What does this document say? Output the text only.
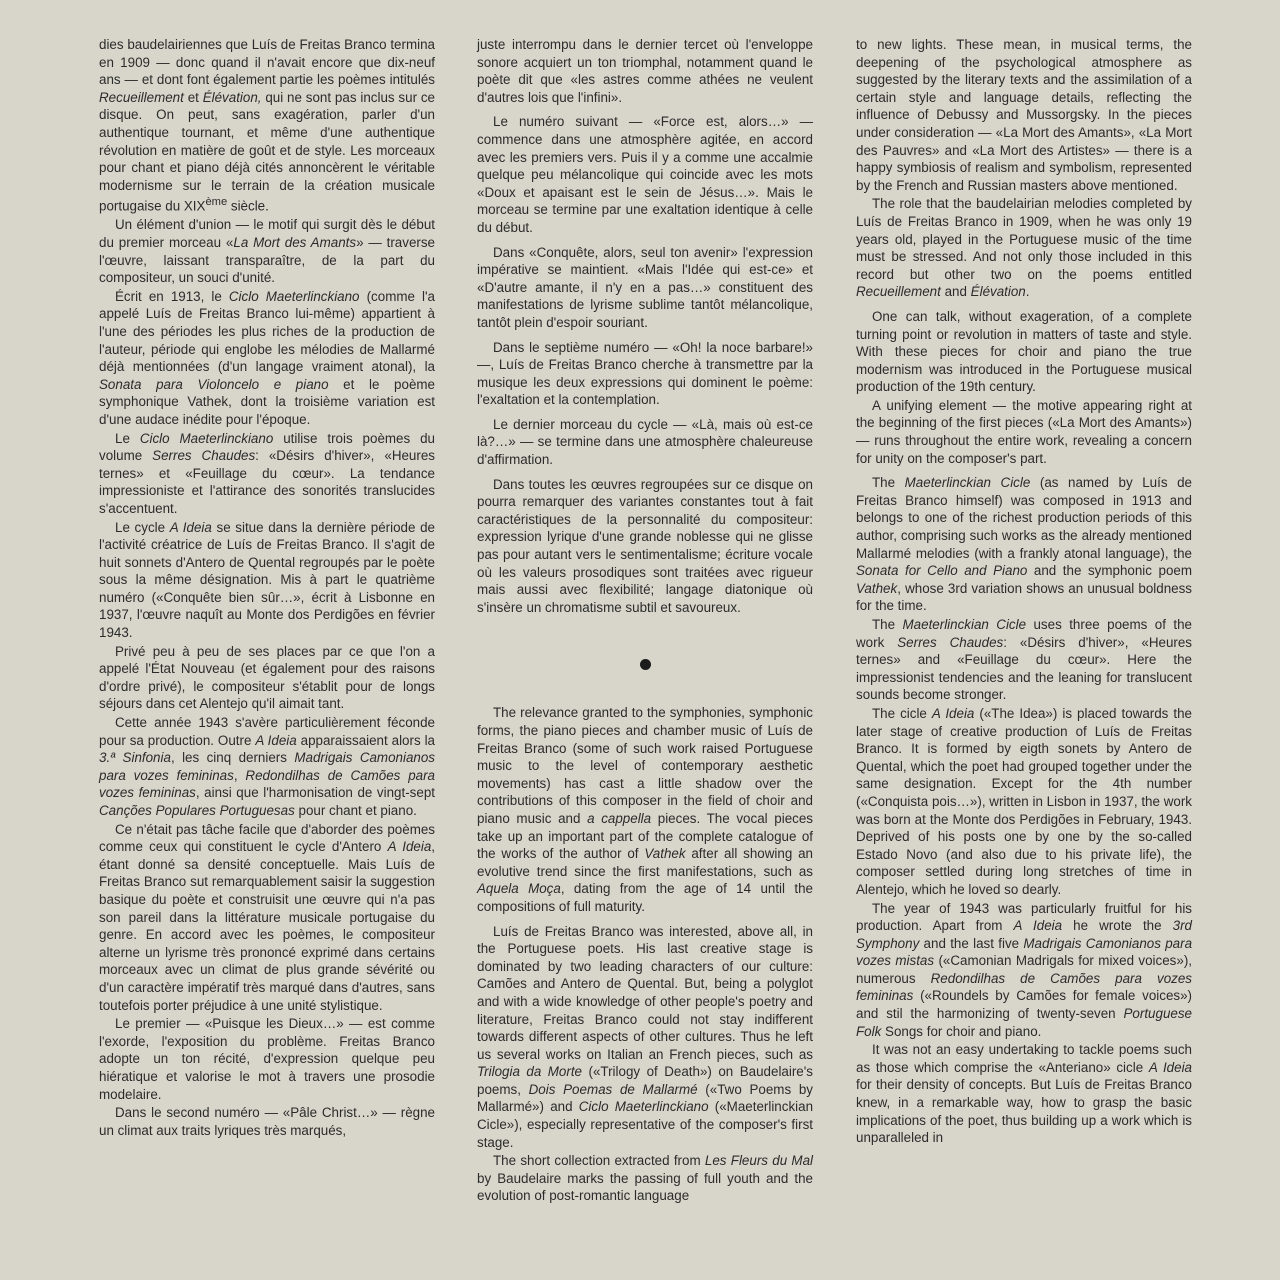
dies baudelairiennes que Luís de Freitas Branco termina en 1909 — donc quand il n'avait encore que dix-neuf ans — et dont font également partie les poèmes intitulés Recueillement et Élévation, qui ne sont pas inclus sur ce disque. On peut, sans exagération, parler d'un authentique tournant, et même d'une authentique révolution en matière de goût et de style. Les morceaux pour chant et piano déjà cités annoncèrent le véritable modernisme sur le terrain de la création musicale portugaise du XIXème siècle.

Un élément d'union — le motif qui surgit dès le début du premier morceau «La Mort des Amants» — traverse l'œuvre, laissant transparaître, de la part du compositeur, un souci d'unité.

Écrit en 1913, le Ciclo Maeterlinckiano (comme l'a appelé Luís de Freitas Branco lui-même) appartient à l'une des périodes les plus riches de la production de l'auteur, période qui englobe les mélodies de Mallarmé déjà mentionnées (d'un langage vraiment atonal), la Sonata para Violoncelo e piano et le poème symphonique Vathek, dont la troisième variation est d'une audace inédite pour l'époque.

Le Ciclo Maeterlinckiano utilise trois poèmes du volume Serres Chaudes: «Désirs d'hiver», «Heures ternes» et «Feuillage du cœur». La tendance impressioniste et l'attirance des sonorités translucides s'accentuent.

Le cycle A Ideia se situe dans la dernière période de l'activité créatrice de Luís de Freitas Branco. Il s'agit de huit sonnets d'Antero de Quental regroupés par le poète sous la même désignation. Mis à part le quatrième numéro («Conquête bien sûr…», écrit à Lisbonne en 1937, l'œuvre naquît au Monte dos Perdigões en février 1943.

Privé peu à peu de ses places par ce que l'on a appelé l'État Nouveau (et également pour des raisons d'ordre privé), le compositeur s'établit pour de longs séjours dans cet Alentejo qu'il aimait tant.

Cette année 1943 s'avère particulièrement féconde pour sa production. Outre A Ideia apparaissaient alors la 3.ª Sinfonia, les cinq derniers Madrigais Camonianos para vozes femininas, Redondilhas de Camões para vozes femininas, ainsi que l'harmonisation de vingt-sept Canções Populares Portuguesas pour chant et piano.

Ce n'était pas tâche facile que d'aborder des poèmes comme ceux qui constituent le cycle d'Antero A Ideia, étant donné sa densité conceptuelle. Mais Luís de Freitas Branco sut remarquablement saisir la suggestion basique du poète et construisit une œuvre qui n'a pas son pareil dans la littérature musicale portugaise du genre. En accord avec les poèmes, le compositeur alterne un lyrisme très prononcé exprimé dans certains morceaux avec un climat de plus grande sévérité ou d'un caractère impératif très marqué dans d'autres, sans toutefois porter préjudice à une unité stylistique.

Le premier — «Puisque les Dieux…» — est comme l'exorde, l'exposition du problème. Freitas Branco adopte un ton récité, d'expression quelque peu hiératique et valorise le mot à travers une prosodie modelaire.

Dans le second numéro — «Pâle Christ…» — règne un climat aux traits lyriques très marqués,

juste interrompu dans le dernier tercet où l'enveloppe sonore acquiert un ton triomphal, notamment quand le poète dit que «les astres comme athées ne veulent d'autres lois que l'infini».

Le numéro suivant — «Force est, alors…» — commence dans une atmosphère agitée, en accord avec les premiers vers. Puis il y a comme une accalmie quelque peu mélancolique qui coincide avec les mots «Doux et apaisant est le sein de Jésus…». Mais le morceau se termine par une exaltation identique à celle du début.

Dans «Conquête, alors, seul ton avenir» l'expression impérative se maintient. «Mais l'Idée qui est-ce» et «D'autre amante, il n'y en a pas…» constituent des manifestations de lyrisme sublime tantôt mélancolique, tantôt plein d'espoir souriant.

Dans le septième numéro — «Oh! la noce barbare!» —, Luís de Freitas Branco cherche à transmettre par la musique les deux expressions qui dominent le poème: l'exaltation et la contemplation.

Le dernier morceau du cycle — «Là, mais où est-ce là?…» — se termine dans une atmosphère chaleureuse d'affirmation.

Dans toutes les œuvres regroupées sur ce disque on pourra remarquer des variantes constantes tout à fait caractéristiques de la personnalité du compositeur: expression lyrique d'une grande noblesse qui ne glisse pas pour autant vers le sentimentalisme; écriture vocale où les valeurs prosodiques sont traitées avec rigueur mais aussi avec flexibilité; langage diatonique où s'insère un chromatisme subtil et savoureux.

The relevance granted to the symphonies, symphonic forms, the piano pieces and chamber music of Luís de Freitas Branco (some of such work raised Portuguese music to the level of contemporary aesthetic movements) has cast a little shadow over the contributions of this composer in the field of choir and piano music and a cappella pieces. The vocal pieces take up an important part of the complete catalogue of the works of the author of Vathek after all showing an evolutive trend since the first manifestations, such as Aquela Moça, dating from the age of 14 until the compositions of full maturity.

Luís de Freitas Branco was interested, above all, in the Portuguese poets. His last creative stage is dominated by two leading characters of our culture: Camões and Antero de Quental. But, being a polyglot and with a wide knowledge of other people's poetry and literature, Freitas Branco could not stay indifferent towards different aspects of other cultures. Thus he left us several works on Italian an French pieces, such as Trilogia da Morte («Trilogy of Death») on Baudelaire's poems, Dois Poemas de Mallarmé («Two Poems by Mallarmé») and Ciclo Maeterlinckiano («Maeterlinckian Cicle»), especially representative of the composer's first stage.

The short collection extracted from Les Fleurs du Mal by Baudelaire marks the passing of full youth and the evolution of post-romantic language

to new lights. These mean, in musical terms, the deepening of the psychological atmosphere as suggested by the literary texts and the assimilation of a certain style and language details, reflecting the influence of Debussy and Mussorgsky. In the pieces under consideration — «La Mort des Amants», «La Mort des Pauvres» and «La Mort des Artistes» — there is a happy symbiosis of realism and symbolism, represented by the French and Russian masters above mentioned.

The role that the baudelairian melodies completed by Luís de Freitas Branco in 1909, when he was only 19 years old, played in the Portuguese music of the time must be stressed. And not only those included in this record but other two on the poems entitled Recueillement and Élévation.

One can talk, without exageration, of a complete turning point or revolution in matters of taste and style. With these pieces for choir and piano the true modernism was introduced in the Portuguese musical production of the 19th century.

A unifying element — the motive appearing right at the beginning of the first pieces («La Mort des Amants») — runs throughout the entire work, revealing a concern for unity on the composer's part.

The Maeterlinckian Cicle (as named by Luís de Freitas Branco himself) was composed in 1913 and belongs to one of the richest production periods of this author, comprising such works as the already mentioned Mallarmé melodies (with a frankly atonal language), the Sonata for Cello and Piano and the symphonic poem Vathek, whose 3rd variation shows an unusual boldness for the time.

The Maeterlinckian Cicle uses three poems of the work Serres Chaudes: «Désirs d'hiver», «Heures ternes» and «Feuillage du cœur». Here the impressionist tendencies and the leaning for translucent sounds become stronger.

The cicle A Ideia («The Idea») is placed towards the later stage of creative production of Luís de Freitas Branco. It is formed by eigth sonets by Antero de Quental, which the poet had grouped together under the same designation. Except for the 4th number («Conquista pois…»), written in Lisbon in 1937, the work was born at the Monte dos Perdigões in February, 1943. Deprived of his posts one by one by the so-called Estado Novo (and also due to his private life), the composer settled during long stretches of time in Alentejo, which he loved so dearly.

The year of 1943 was particularly fruitful for his production. Apart from A Ideia he wrote the 3rd Symphony and the last five Madrigais Camonianos para vozes mistas («Camonian Madrigals for mixed voices»), numerous Redondilhas de Camões para vozes femininas («Roundels by Camões for female voices») and stil the harmonizing of twenty-seven Portuguese Folk Songs for choir and piano.

It was not an easy undertaking to tackle poems such as those which comprise the «Anteriano» cicle A Ideia for their density of concepts. But Luís de Freitas Branco knew, in a remarkable way, how to grasp the basic implications of the poet, thus building up a work which is unparalleled in
